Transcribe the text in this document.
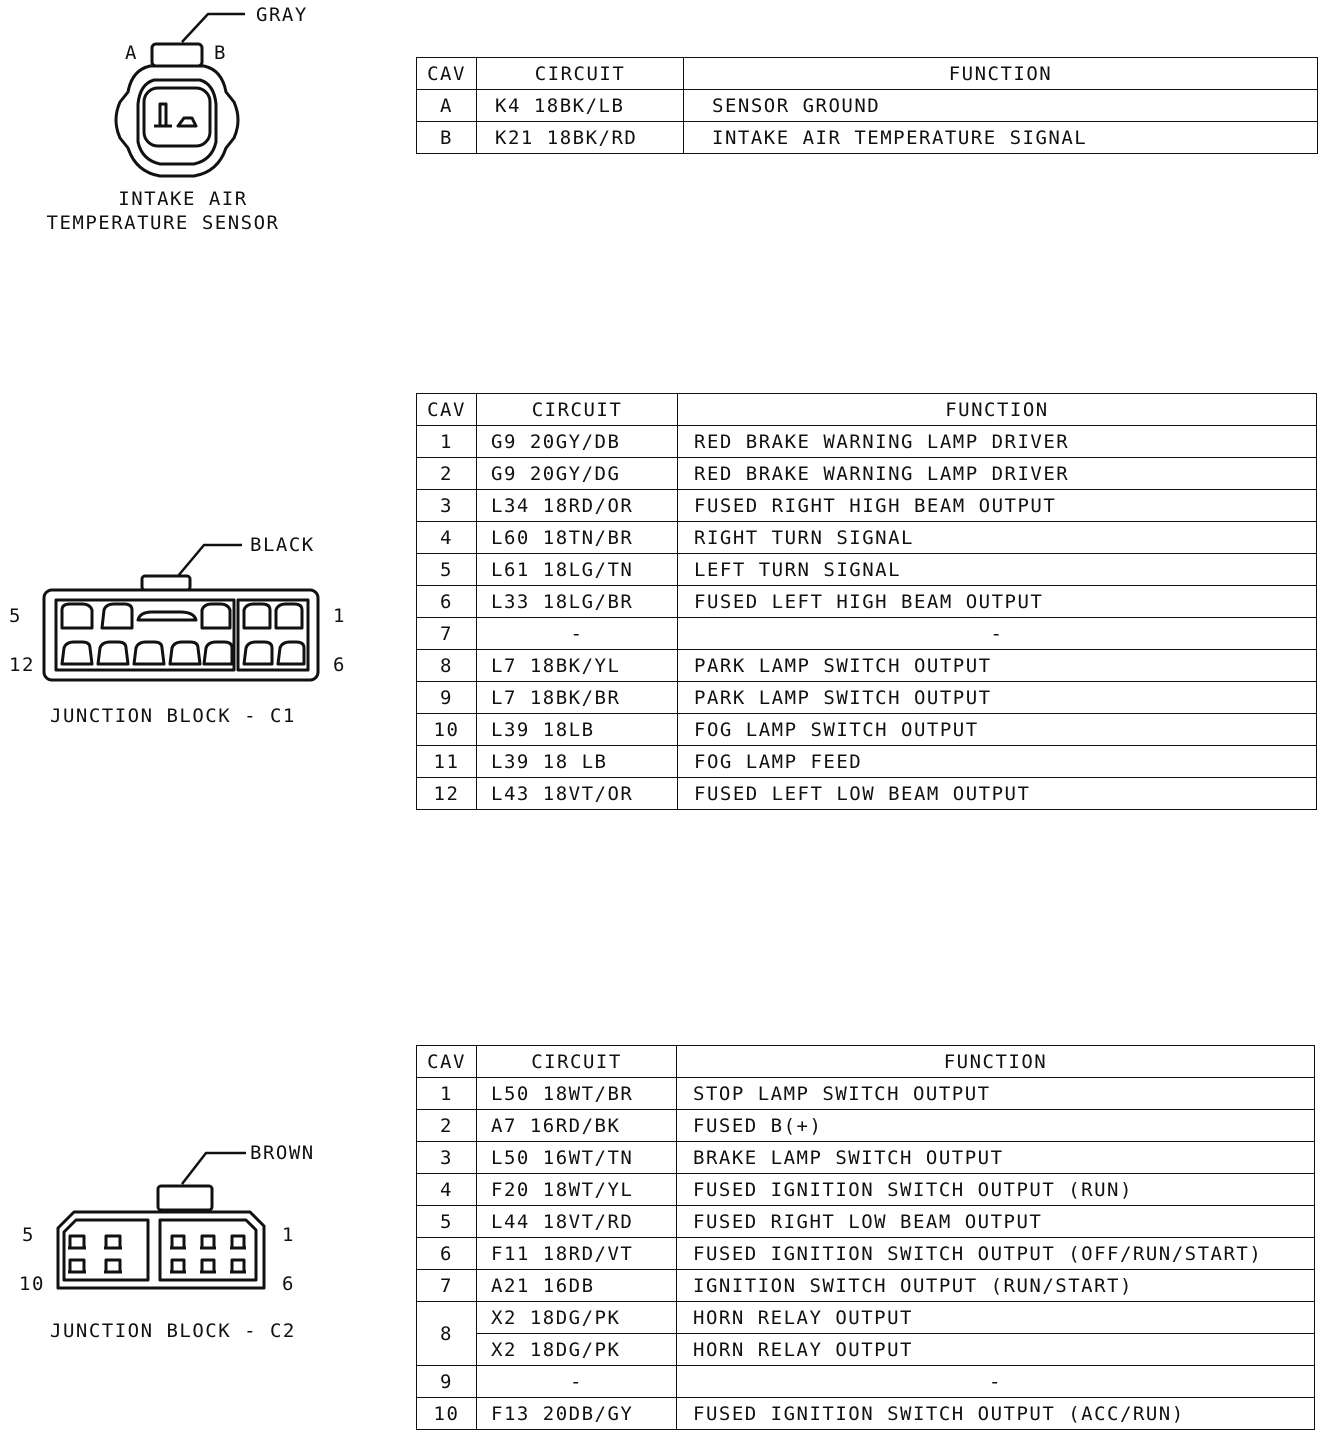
GRAY
A	B
INTAKE AIR
TEMPERATURE SENSOR
CAV	CIRCUIT	FUNCTION
A	K4 18BK/LB	SENSOR GROUND
B	K21 18BK/RD	INTAKE AIR TEMPERATURE SIGNAL
BLACK
5	1
12	6
JUNCTION BLOCK - C1
CAV	CIRCUIT	FUNCTION
1	G9 20GY/DB	RED BRAKE WARNING LAMP DRIVER
2	G9 20GY/DG	RED BRAKE WARNING LAMP DRIVER
3	L34 18RD/OR	FUSED RIGHT HIGH BEAM OUTPUT
4	L60 18TN/BR	RIGHT TURN SIGNAL
5	L61 18LG/TN	LEFT TURN SIGNAL
6	L33 18LG/BR	FUSED LEFT HIGH BEAM OUTPUT
7	-	-
8	L7 18BK/YL	PARK LAMP SWITCH OUTPUT
9	L7 18BK/BR	PARK LAMP SWITCH OUTPUT
10	L39 18LB	FOG LAMP SWITCH OUTPUT
11	L39 18 LB	FOG LAMP FEED
12	L43 18VT/OR	FUSED LEFT LOW BEAM OUTPUT
BROWN
5	1
10	6
JUNCTION BLOCK - C2
CAV	CIRCUIT	FUNCTION
1	L50 18WT/BR	STOP LAMP SWITCH OUTPUT
2	A7 16RD/BK	FUSED B(+)
3	L50 16WT/TN	BRAKE LAMP SWITCH OUTPUT
4	F20 18WT/YL	FUSED IGNITION SWITCH OUTPUT (RUN)
5	L44 18VT/RD	FUSED RIGHT LOW BEAM OUTPUT
6	F11 18RD/VT	FUSED IGNITION SWITCH OUTPUT (OFF/RUN/START)
7	A21 16DB	IGNITION SWITCH OUTPUT (RUN/START)
8	X2 18DG/PK	HORN RELAY OUTPUT
	X2 18DG/PK	HORN RELAY OUTPUT
9	-	-
10	F13 20DB/GY	FUSED IGNITION SWITCH OUTPUT (ACC/RUN)
